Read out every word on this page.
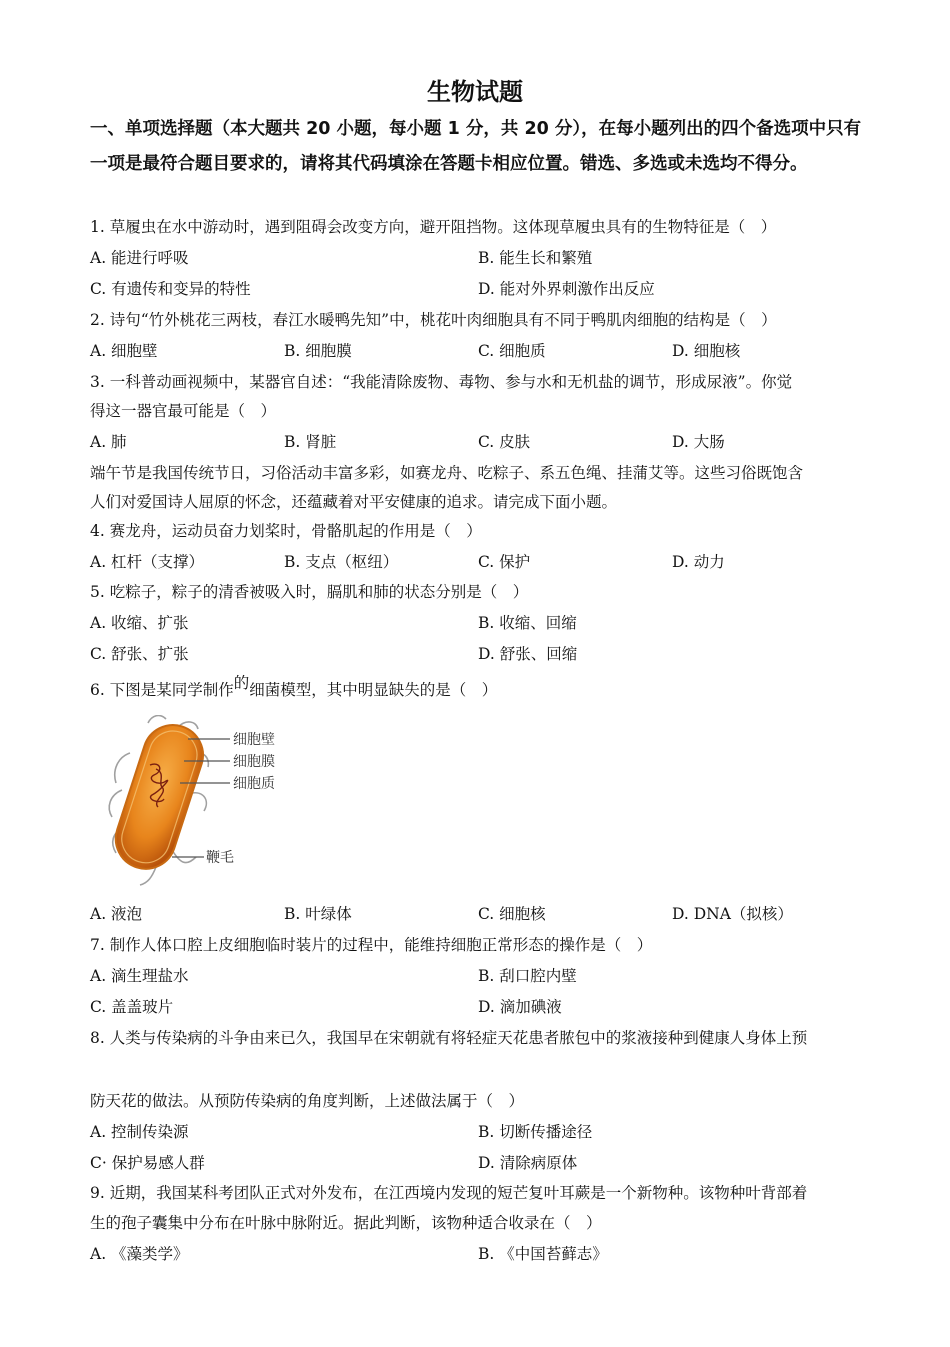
生物试题
一、单项选择题（本大题共 20 小题，每小题 1 分，共 20 分），在每小题列出的四个备选项中只有一项是最符合题目要求的，请将其代码填涂在答题卡相应位置。错选、多选或未选均不得分。
1. 草履虫在水中游动时，遇到阻碍会改变方向，避开阻挡物。这体现草履虫具有的生物特征是（　）
A. 能进行呼吸	B. 能生长和繁殖
C. 有遗传和变异的特性	D. 能对外界刺激作出反应
2. 诗句“竹外桃花三两枝，春江水暖鸭先知”中，桃花叶肉细胞具有不同于鸭肌肉细胞的结构是（　）
A. 细胞壁	B. 细胞膜	C. 细胞质	D. 细胞核
3. 一科普动画视频中，某器官自述：“我能清除废物、毒物、参与水和无机盐的调节，形成尿液”。你觉
得这一器官最可能是（　）
A. 肺	B. 肾脏	C. 皮肤	D. 大肠
端午节是我国传统节日，习俗活动丰富多彩，如赛龙舟、吃粽子、系五色绳、挂蒲艾等。这些习俗既饱含
人们对爱国诗人屈原的怀念，还蕴藏着对平安健康的追求。请完成下面小题。
4. 赛龙舟，运动员奋力划桨时，骨骼肌起的作用是（　）
A. 杠杆（支撑）	B. 支点（枢纽）	C. 保护	D. 动力
5. 吃粽子，粽子的清香被吸入时，膈肌和肺的状态分别是（　）
A. 收缩、扩张	B. 收缩、回缩
C. 舒张、扩张	D. 舒张、回缩
6. 下图是某同学制作的细菌模型，其中明显缺失的是（　）
细胞壁
细胞膜
细胞质
鞭毛
A. 液泡	B. 叶绿体	C. 细胞核	D. DNA（拟核）
7. 制作人体口腔上皮细胞临时装片的过程中，能维持细胞正常形态的操作是（　）
A. 滴生理盐水	B. 刮口腔内壁
C. 盖盖玻片	D. 滴加碘液
8. 人类与传染病的斗争由来已久，我国早在宋朝就有将轻症天花患者脓包中的浆液接种到健康人身体上预
防天花的做法。从预防传染病的角度判断，上述做法属于（　）
A. 控制传染源	B. 切断传播途径
C· 保护易感人群	D. 清除病原体
9. 近期，我国某科考团队正式对外发布，在江西境内发现的短芒复叶耳蕨是一个新物种。该物种叶背部着
生的孢子囊集中分布在叶脉中脉附近。据此判断，该物种适合收录在（　）
A. 《藻类学》	B. 《中国苔藓志》
